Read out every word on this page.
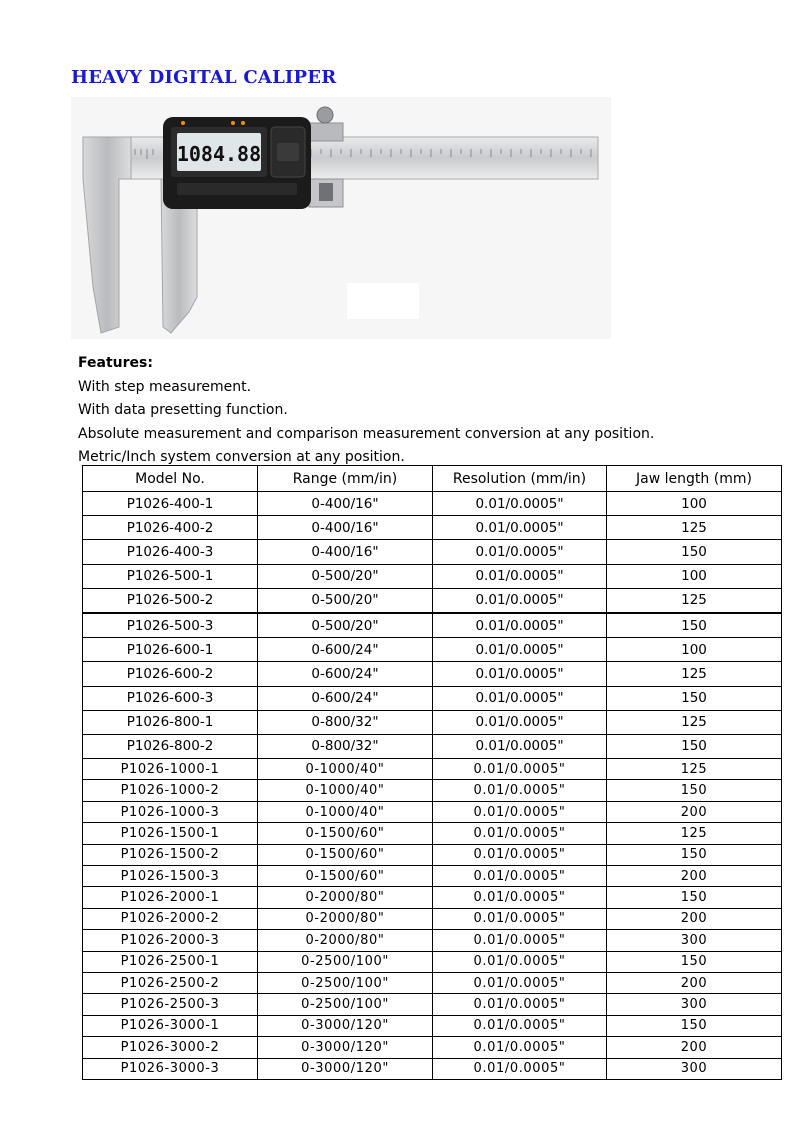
HEAVY DIGITAL CALIPER
1084.88
Features:
With step measurement.
With data presetting function.
Absolute measurement and comparison measurement conversion at any position.
Metric/Inch system conversion at any position.
Model No.	Range (mm/in)	Resolution (mm/in)	Jaw length (mm)
P1026-400-1	0-400/16"	0.01/0.0005"	100
P1026-400-2	0-400/16"	0.01/0.0005"	125
P1026-400-3	0-400/16"	0.01/0.0005"	150
P1026-500-1	0-500/20"	0.01/0.0005"	100
P1026-500-2	0-500/20"	0.01/0.0005"	125
P1026-500-3	0-500/20"	0.01/0.0005"	150
P1026-600-1	0-600/24"	0.01/0.0005"	100
P1026-600-2	0-600/24"	0.01/0.0005"	125
P1026-600-3	0-600/24"	0.01/0.0005"	150
P1026-800-1	0-800/32"	0.01/0.0005"	125
P1026-800-2	0-800/32"	0.01/0.0005"	150
P1026-1000-1	0-1000/40"	0.01/0.0005"	125
P1026-1000-2	0-1000/40"	0.01/0.0005"	150
P1026-1000-3	0-1000/40"	0.01/0.0005"	200
P1026-1500-1	0-1500/60"	0.01/0.0005"	125
P1026-1500-2	0-1500/60"	0.01/0.0005"	150
P1026-1500-3	0-1500/60"	0.01/0.0005"	200
P1026-2000-1	0-2000/80"	0.01/0.0005"	150
P1026-2000-2	0-2000/80"	0.01/0.0005"	200
P1026-2000-3	0-2000/80"	0.01/0.0005"	300
P1026-2500-1	0-2500/100"	0.01/0.0005"	150
P1026-2500-2	0-2500/100"	0.01/0.0005"	200
P1026-2500-3	0-2500/100"	0.01/0.0005"	300
P1026-3000-1	0-3000/120"	0.01/0.0005"	150
P1026-3000-2	0-3000/120"	0.01/0.0005"	200
P1026-3000-3	0-3000/120"	0.01/0.0005"	300
